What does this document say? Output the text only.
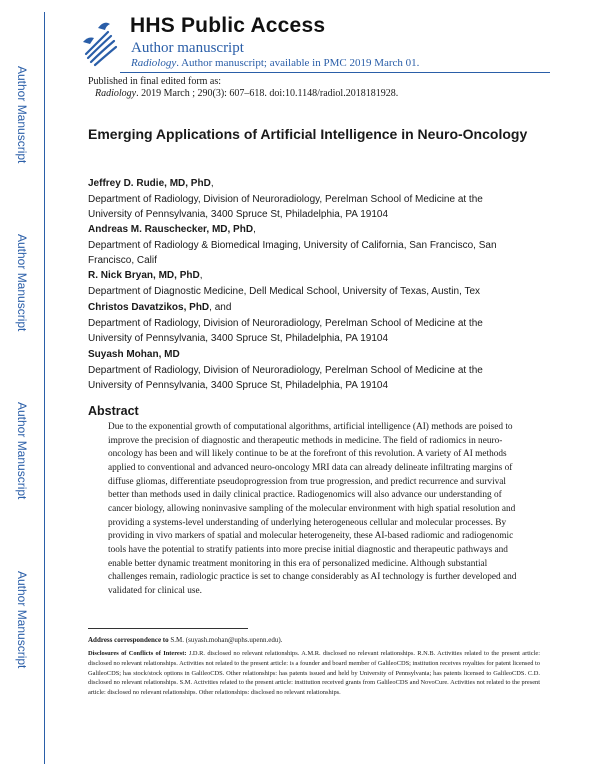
Author Manuscript
Author Manuscript
Author Manuscript
Author Manuscript
HHS Public Access
Author manuscript
Radiology. Author manuscript; available in PMC 2019 March 01.
Published in final edited form as:
Radiology. 2019 March ; 290(3): 607–618. doi:10.1148/radiol.2018181928.
Emerging Applications of Artificial Intelligence in Neuro-Oncology
Jeffrey D. Rudie, MD, PhD,
Department of Radiology, Division of Neuroradiology, Perelman School of Medicine at the University of Pennsylvania, 3400 Spruce St, Philadelphia, PA 19104
Andreas M. Rauschecker, MD, PhD,
Department of Radiology & Biomedical Imaging, University of California, San Francisco, San Francisco, Calif
R. Nick Bryan, MD, PhD,
Department of Diagnostic Medicine, Dell Medical School, University of Texas, Austin, Tex
Christos Davatzikos, PhD, and
Department of Radiology, Division of Neuroradiology, Perelman School of Medicine at the University of Pennsylvania, 3400 Spruce St, Philadelphia, PA 19104
Suyash Mohan, MD
Department of Radiology, Division of Neuroradiology, Perelman School of Medicine at the University of Pennsylvania, 3400 Spruce St, Philadelphia, PA 19104
Abstract
Due to the exponential growth of computational algorithms, artificial intelligence (AI) methods are poised to improve the precision of diagnostic and therapeutic methods in medicine. The field of radiomics in neuro-oncology has been and will likely continue to be at the forefront of this revolution. A variety of AI methods applied to conventional and advanced neuro-oncology MRI data can already delineate infiltrating margins of diffuse gliomas, differentiate pseudoprogression from true progression, and predict recurrence and survival better than methods used in daily clinical practice. Radiogenomics will also advance our understanding of cancer biology, allowing noninvasive sampling of the molecular environment with high spatial resolution and providing a systems-level understanding of underlying heterogeneous cellular and molecular processes. By providing in vivo markers of spatial and molecular heterogeneity, these AI-based radiomic and radiogenomic tools have the potential to stratify patients into more precise initial diagnostic and therapeutic pathways and enable better dynamic treatment monitoring in this era of personalized medicine. Although substantial challenges remain, radiologic practice is set to change considerably as AI technology is further developed and validated for clinical use.
Address correspondence to S.M. (suyash.mohan@uphs.upenn.edu).
Disclosures of Conflicts of Interest: J.D.R. disclosed no relevant relationships. A.M.R. disclosed no relevant relationships. R.N.B. Activities related to the present article: disclosed no relevant relationships. Activities not related to the present article: is a founder and board member of GalileoCDS; institution receives royalties for patent licensed to GalileoCDS; has stock/stock options in GalileoCDS. Other relationships: has patents issued and held by University of Pennsylvania; has patents licensed to GalileoCDS. C.D. disclosed no relevant relationships. S.M. Activities related to the present article: institution received grants from GalileoCDS and NovoCure. Activities not related to the present article: disclosed no relevant relationships. Other relationships: disclosed no relevant relationships.
